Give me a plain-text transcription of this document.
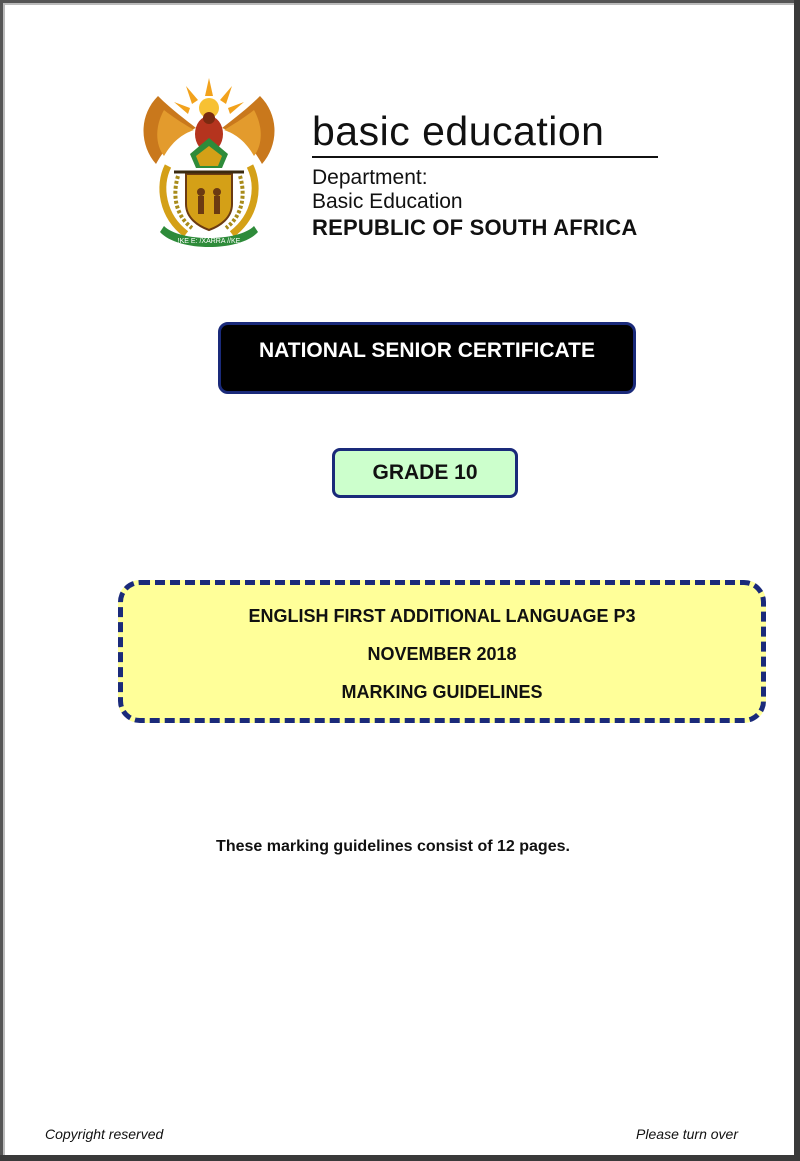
!KE E: /XARRA //KE
basic education
Department:
Basic Education
REPUBLIC OF SOUTH AFRICA
NATIONAL SENIOR CERTIFICATE
GRADE 10
ENGLISH FIRST ADDITIONAL LANGUAGE P3
NOVEMBER 2018
MARKING GUIDELINES
These marking guidelines consist of 12 pages.
Copyright reserved	Please turn over
